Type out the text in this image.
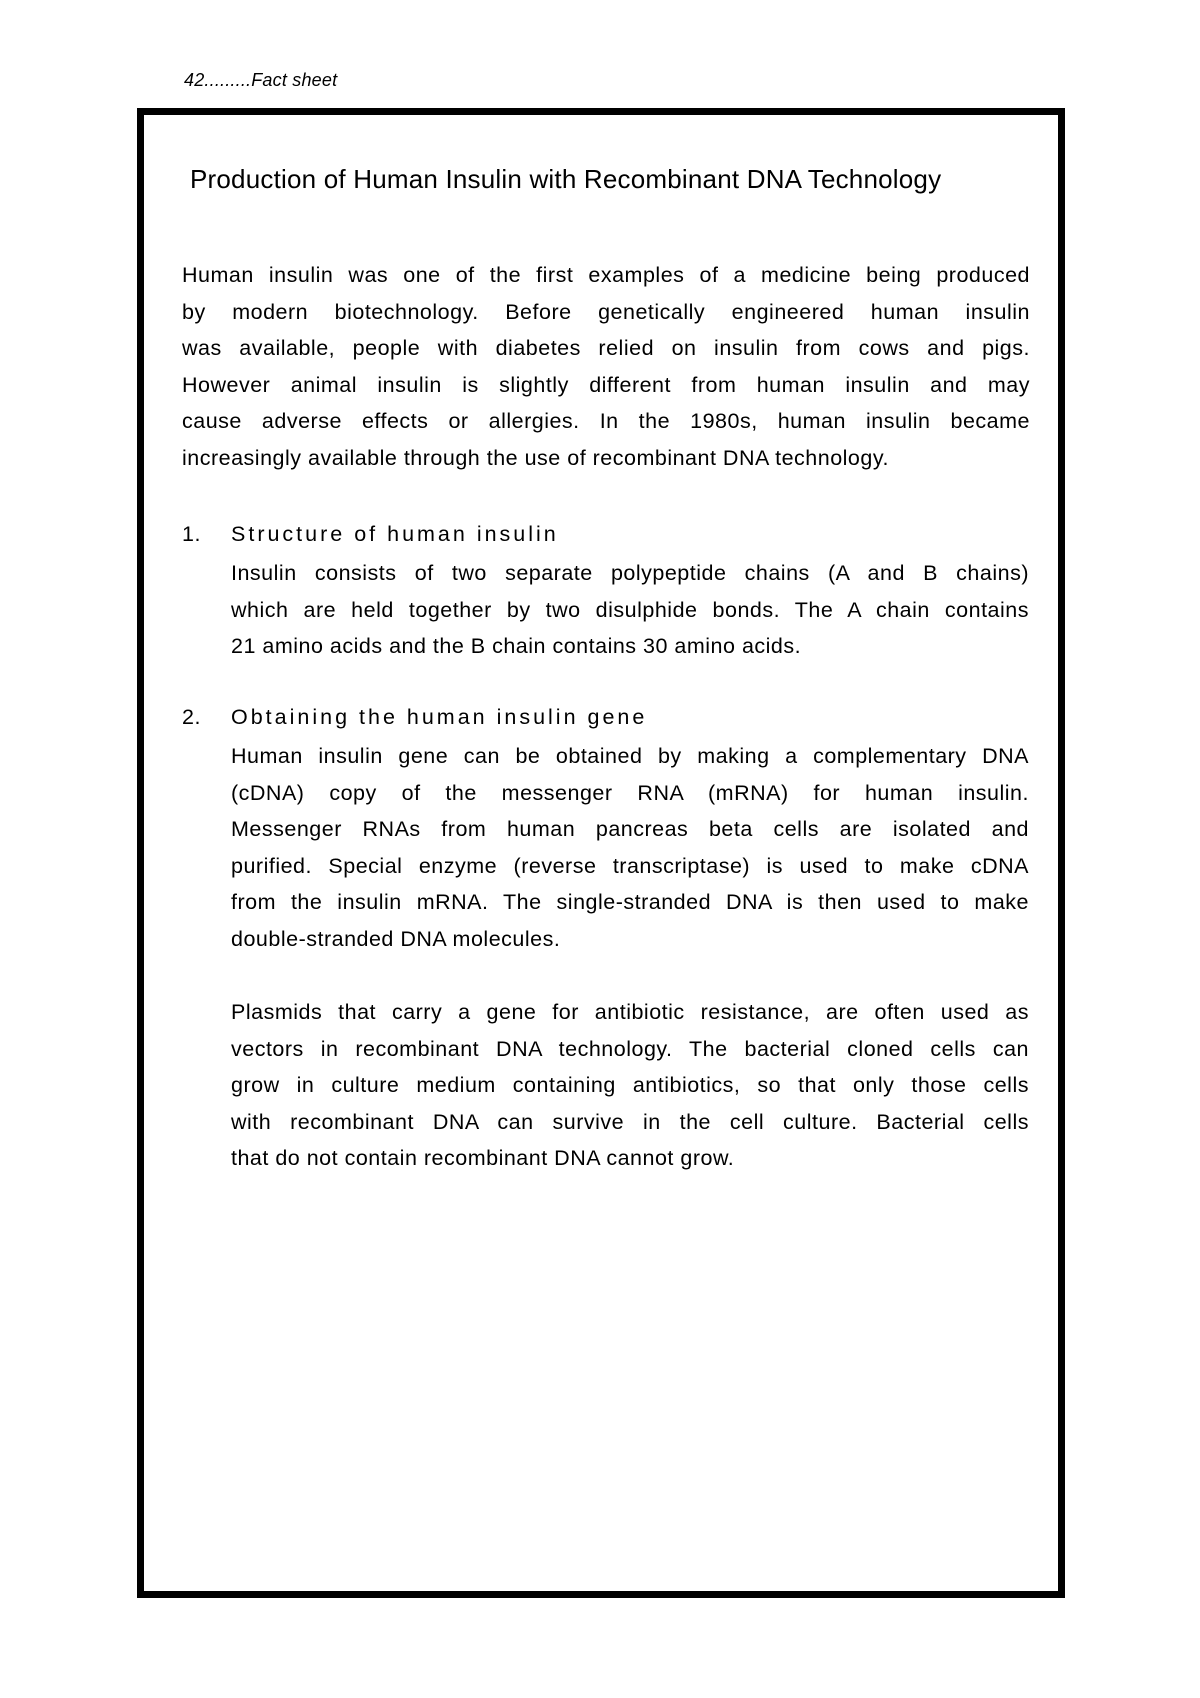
42.........Fact sheet
Production of Human Insulin with Recombinant DNA Technology
Human insulin was one of the first examples of a medicine being produced
by modern biotechnology. Before genetically engineered human insulin
was available, people with diabetes relied on insulin from cows and pigs.
However animal insulin is slightly different from human insulin and may
cause adverse effects or allergies. In the 1980s, human insulin became
increasingly available through the use of recombinant DNA technology.
1. Structure of human insulin
Insulin consists of two separate polypeptide chains (A and B chains)
which are held together by two disulphide bonds. The A chain contains
21 amino acids and the B chain contains 30 amino acids.
2. Obtaining the human insulin gene
Human insulin gene can be obtained by making a complementary DNA
(cDNA) copy of the messenger RNA (mRNA) for human insulin.
Messenger RNAs from human pancreas beta cells are isolated and
purified. Special enzyme (reverse transcriptase) is used to make cDNA
from the insulin mRNA. The single-stranded DNA is then used to make
double-stranded DNA molecules.
Plasmids that carry a gene for antibiotic resistance, are often used as
vectors in recombinant DNA technology. The bacterial cloned cells can
grow in culture medium containing antibiotics, so that only those cells
with recombinant DNA can survive in the cell culture. Bacterial cells
that do not contain recombinant DNA cannot grow.
